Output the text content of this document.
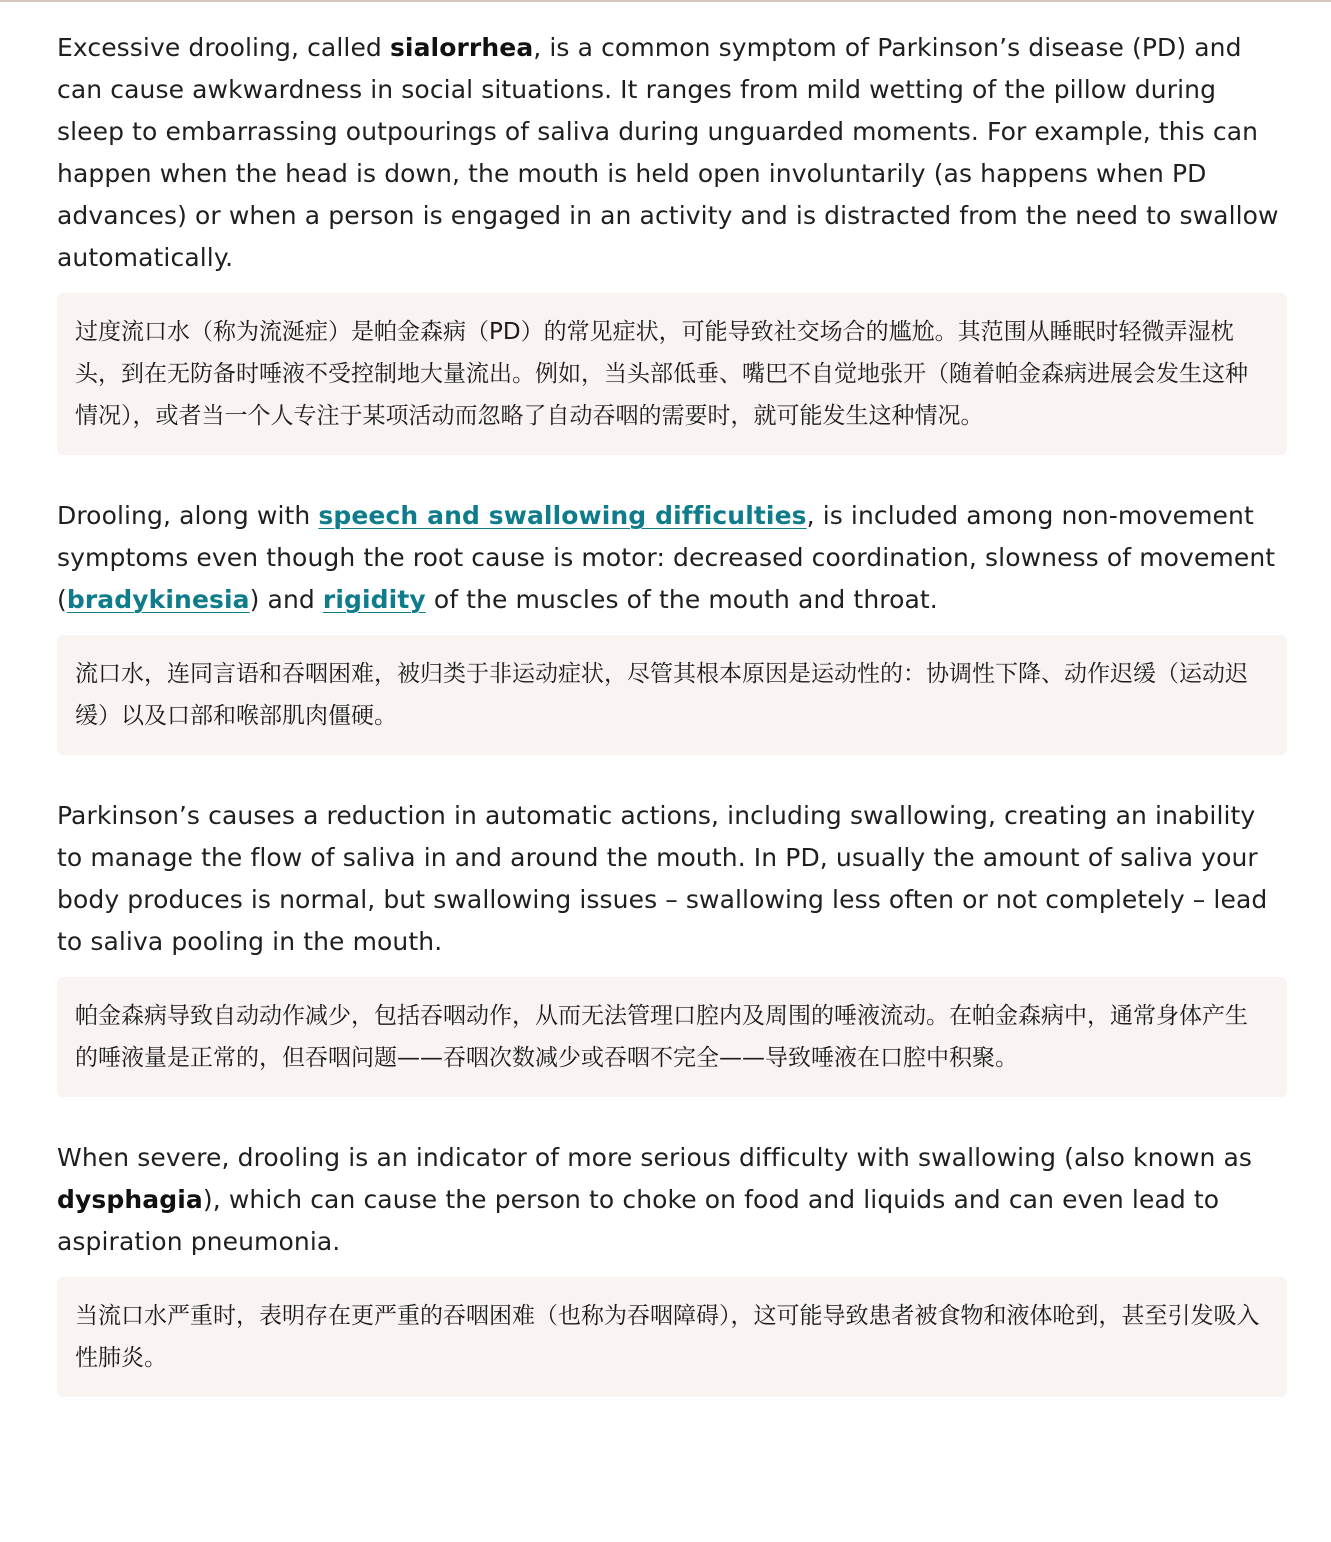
Excessive drooling, called sialorrhea, is a common symptom of Parkinson’s disease (PD) and can cause awkwardness in social situations. It ranges from mild wetting of the pillow during sleep to embarrassing outpourings of saliva during unguarded moments. For example, this can happen when the head is down, the mouth is held open involuntarily (as happens when PD advances) or when a person is engaged in an activity and is distracted from the need to swallow automatically.

过度流口水（称为流涎症）是帕金森病（PD）的常见症状，可能导致社交场合的尴尬。其范围从睡眠时轻微弄湿枕头，到在无防备时唾液不受控制地大量流出。例如，当头部低垂、嘴巴不自觉地张开（随着帕金森病进展会发生这种情况），或者当一个人专注于某项活动而忽略了自动吞咽的需要时，就可能发生这种情况。

Drooling, along with speech and swallowing difficulties, is included among non-movement symptoms even though the root cause is motor: decreased coordination, slowness of movement (bradykinesia) and rigidity of the muscles of the mouth and throat.

流口水，连同言语和吞咽困难，被归类于非运动症状，尽管其根本原因是运动性的：协调性下降、动作迟缓（运动迟缓）以及口部和喉部肌肉僵硬。

Parkinson’s causes a reduction in automatic actions, including swallowing, creating an inability to manage the flow of saliva in and around the mouth. In PD, usually the amount of saliva your body produces is normal, but swallowing issues – swallowing less often or not completely – lead to saliva pooling in the mouth.

帕金森病导致自动动作减少，包括吞咽动作，从而无法管理口腔内及周围的唾液流动。在帕金森病中，通常身体产生的唾液量是正常的，但吞咽问题——吞咽次数减少或吞咽不完全——导致唾液在口腔中积聚。

When severe, drooling is an indicator of more serious difficulty with swallowing (also known as dysphagia), which can cause the person to choke on food and liquids and can even lead to aspiration pneumonia.

当流口水严重时，表明存在更严重的吞咽困难（也称为吞咽障碍），这可能导致患者被食物和液体呛到，甚至引发吸入性肺炎。
